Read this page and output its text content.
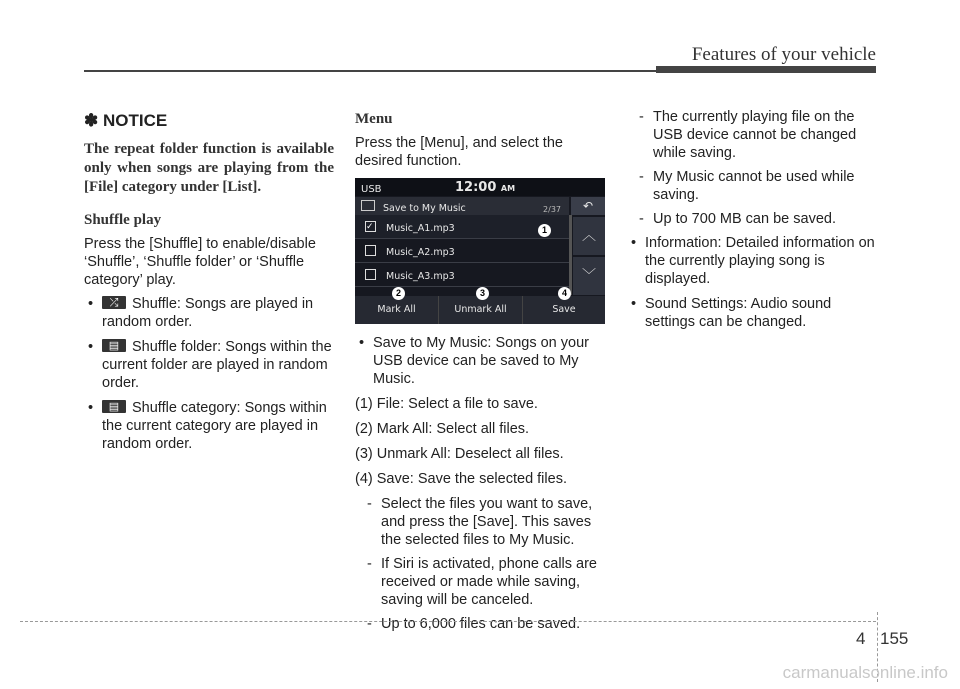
Features of your vehicle
✽ NOTICE
The repeat folder function is available only when songs are playing from the [File] category under [List].
Shuffle play

Press the [Shuffle] to enable/disable ‘Shuffle’, ‘Shuffle folder’ or ‘Shuffle category’ play.

•	⤮ Shuffle: Songs are played in random order.
•	▤ Shuffle folder: Songs within the current folder are played in random order.
•	▤ Shuffle category: Songs within the current category are played in random order.
Menu

Press the [Menu], and select the desired function.

USB	12:00 AM
Save to My Music	2/37	↶
✓
Music_A1.mp3
Music_A2.mp3
Music_A3.mp3
︿
﹀
Mark All	Unmark All	Save
1
2	3	4
• Save to My Music: Songs on your USB device can be saved to My Music.
(1) File: Select a file to save.
(2) Mark All: Select all files.
(3) Unmark All: Deselect all files.
(4) Save: Save the selected files.
- Select the files you want to save, and press the [Save]. This saves the selected files to My Music.
- If Siri is activated, phone calls are received or made while saving, saving will be canceled.
- Up to 6,000 files can be saved.
- The currently playing file on the USB device cannot be changed while saving.
- My Music cannot be used while saving.
- Up to 700 MB can be saved.
• Information: Detailed information on the currently playing song is displayed.
• Sound Settings: Audio sound settings can be changed.
4 155
carmanualsonline.info
